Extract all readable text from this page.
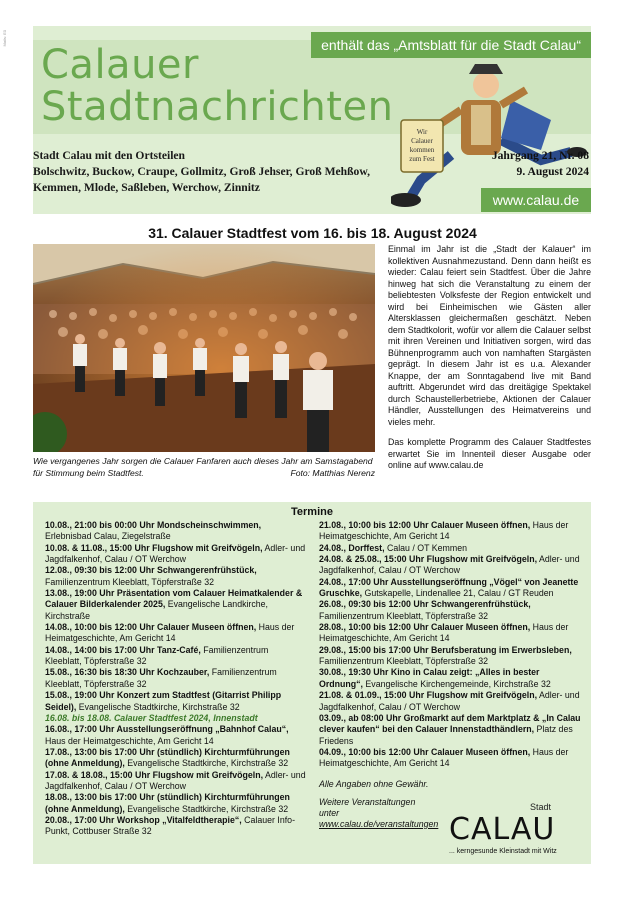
Mails: E0
Calauer
Stadtnachrichten
enthält das „Amtsblatt für die Stadt Calau“
Wir
Calauer
kommen
zum Fest
Stadt Calau mit den Ortsteilen
Bolschwitz, Buckow, Craupe, Gollmitz, Groß Jehser, Groß Mehßow,
Kemmen, Mlode, Saßleben, Werchow, Zinnitz
Jahrgang 21, Nr. 08
9. August 2024
www.calau.de
31. Calauer Stadtfest vom 16. bis 18. August 2024
Wie vergangenes Jahr sorgen die Calauer Fanfaren auch dieses Jahr am Samstagabend für Stimmung beim Stadtfest.	Foto: Matthias Nerenz

Einmal im Jahr ist die „Stadt der Kalauer“ im kollektiven Ausnahmezustand. Denn dann heißt es wieder: Calau feiert sein Stadtfest. Über die Jahre hinweg hat sich die Veranstaltung zu einem der beliebtesten Volksfeste der Region entwickelt und wird bei Einheimischen wie Gästen aller Altersklassen gleichermaßen geschätzt. Neben dem Stadtkolorit, wofür vor allem die Calauer selbst mit ihren Vereinen und Initiativen sorgen, wird das Bühnenprogramm auch von namhaften Stargästen geprägt. In diesem Jahr ist es u.a. Alexander Knappe, der am Sonntagabend live mit Band auftritt. Abgerundet wird das dreitägige Spektakel durch Schaustellerbetriebe, Aktionen der Calauer Händler, Ausstellungen des Heimatvereins und vieles mehr.

Das komplette Programm des Calauer Stadtfestes erwartet Sie im Innenteil dieser Ausgabe oder online auf www.calau.de

Termine

10.08., 21:00 bis 00:00 Uhr Mondscheinschwimmen, Erlebnisbad Calau, Ziegelstraße

10.08. & 11.08., 15:00 Uhr Flugshow mit Greifvögeln, Adler- und Jagdfalkenhof, Calau / OT Werchow

12.08., 09:30 bis 12:00 Uhr Schwangerenfrühstück, Familienzentrum Kleeblatt, Töpferstraße 32

13.08., 19:00 Uhr Präsentation vom Calauer Heimatkalender & Calauer Bilderkalender 2025, Evangelische Landkirche, Kirchstraße

14.08., 10:00 bis 12:00 Uhr Calauer Museen öffnen, Haus der Heimatgeschichte, Am Gericht 14

14.08., 14:00 bis 17:00 Uhr Tanz-Café, Familienzentrum Kleeblatt, Töpferstraße 32

15.08., 16:30 bis 18:30 Uhr Kochzauber, Familienzentrum Kleeblatt, Töpferstraße 32

15.08., 19:00 Uhr Konzert zum Stadtfest (Gitarrist Philipp Seidel), Evangelische Stadtkirche, Kirchstraße 32

16.08. bis 18.08. Calauer Stadtfest 2024, Innenstadt

16.08., 17:00 Uhr Ausstellungseröffnung „Bahnhof Calau“, Haus der Heimatgeschichte, Am Gericht 14

17.08., 13:00 bis 17:00 Uhr (stündlich) Kirchturmführungen (ohne Anmeldung), Evangelische Stadtkirche, Kirchstraße 32

17.08. & 18.08., 15:00 Uhr Flugshow mit Greifvögeln, Adler- und Jagdfalkenhof, Calau / OT Werchow

18.08., 13:00 bis 17:00 Uhr (stündlich) Kirchturmführungen (ohne Anmeldung), Evangelische Stadtkirche, Kirchstraße 32

20.08., 17:00 Uhr Workshop „Vitalfeldtherapie“, Calauer Info-Punkt, Cottbuser Straße 32

21.08., 10:00 bis 12:00 Uhr Calauer Museen öffnen, Haus der Heimatgeschichte, Am Gericht 14

24.08., Dorffest, Calau / OT Kemmen

24.08. & 25.08., 15:00 Uhr Flugshow mit Greifvögeln, Adler- und Jagdfalkenhof, Calau / OT Werchow

24.08., 17:00 Uhr Ausstellungseröffnung „Vögel“ von Jeanette Gruschke, Gutskapelle, Lindenallee 21, Calau / GT Reuden

26.08., 09:30 bis 12:00 Uhr Schwangerenfrühstück, Familienzentrum Kleeblatt, Töpferstraße 32

28.08., 10:00 bis 12:00 Uhr Calauer Museen öffnen, Haus der Heimatgeschichte, Am Gericht 14

29.08., 15:00 bis 17:00 Uhr Berufsberatung im Erwerbsleben, Familienzentrum Kleeblatt, Töpferstraße 32

30.08., 19:30 Uhr Kino in Calau zeigt: „Alles in bester Ordnung“, Evangelische Kirchengemeinde, Kirchstraße 32

21.08. & 01.09., 15:00 Uhr Flugshow mit Greifvögeln, Adler- und Jagdfalkenhof, Calau / OT Werchow

03.09., ab 08:00 Uhr Großmarkt auf dem Marktplatz & „In Calau clever kaufen“ bei den Calauer Innenstadthändlern, Platz des Friedens

04.09., 10:00 bis 12:00 Uhr Calauer Museen öffnen, Haus der Heimatgeschichte, Am Gericht 14

Alle Angaben ohne Gewähr.
Weitere Veranstaltungen
unter
www.calau.de/veranstaltungen
Stadt
CALAU
... kerngesunde Kleinstadt mit Witz
